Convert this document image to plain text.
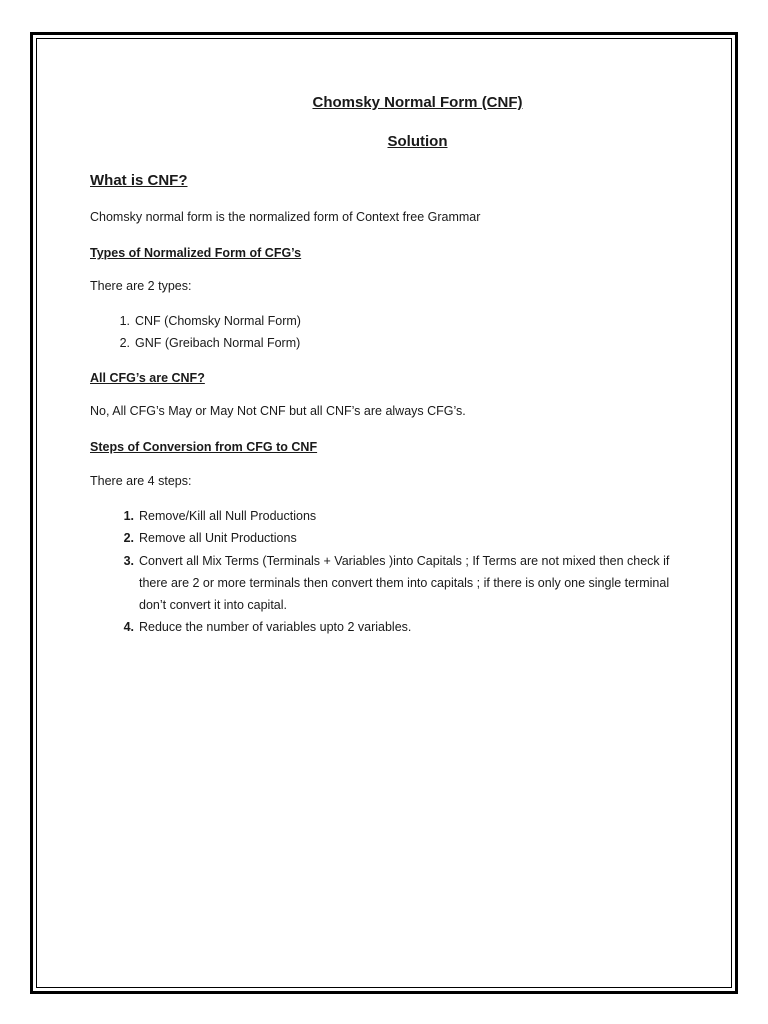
Chomsky Normal Form (CNF)
Solution
What is CNF?
Chomsky normal form is the normalized form of Context free Grammar
Types of Normalized Form of CFG’s
There are 2 types:
1. CNF (Chomsky Normal Form)
2. GNF (Greibach Normal Form)
All CFG’s are CNF?
No, All CFG’s May or May Not CNF but all CNF’s are always CFG’s.
Steps of Conversion from CFG to CNF
There are 4 steps:
1. Remove/Kill all Null Productions
2. Remove all Unit Productions
3. Convert all Mix Terms (Terminals + Variables )into Capitals ; If Terms are not mixed then check if there are 2 or more terminals then convert them into capitals ; if there is only one single terminal don’t convert it into capital.
4. Reduce the number of variables upto 2 variables.
